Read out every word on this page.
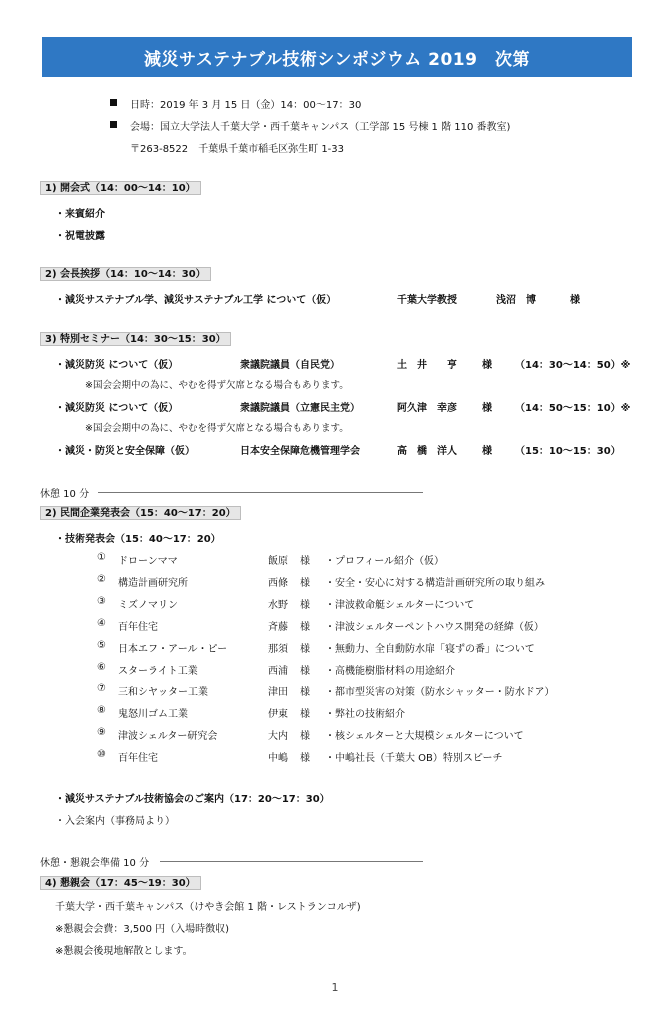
減災サステナブル技術シンポジウム 2019　次第
日時：2019 年 3 月 15 日（金）14：00～17：30
会場：国立大学法人千葉大学・西千葉キャンパス（工学部 15 号棟 1 階 110 番教室)
〒263-8522　千葉県千葉市稲毛区弥生町 1-33
1) 開会式（14：00～14：10）
・来賓紹介
・祝電披露
2) 会長挨拶（14：10～14：30）
・減災サステナブル学、減災サステナブル工学 について（仮）	千葉大学教授	浅沼　博	様
3) 特別セミナー（14：30～15：30）
・減災防災 について（仮）	衆議院議員（自民党）	土　井　　亨	様 （14：30～14：50）※
※国会会期中の為に、やむを得ず欠席となる場合もあります。
・減災防災 について（仮）	衆議院議員（立憲民主党）	阿久津　幸彦	様 （14：50～15：10）※
※国会会期中の為に、やむを得ず欠席となる場合もあります。
・減災・防災と安全保障（仮）	日本安全保障危機管理学会	高　橋　洋人	様 （15：10～15：30）
休憩 10 分
2) 民間企業発表会（15：40～17：20）
・技術発表会（15：40～17：20）
① ドローンママ	飯原 様 ・プロフィール紹介（仮）
② 構造計画研究所	西條 様 ・安全・安心に対する構造計画研究所の取り組み
③ ミズノマリン	水野 様 ・津波救命艇シェルターについて
④ 百年住宅	斉藤 様 ・津波シェルターペントハウス開発の経緯（仮）
⑤ 日本エフ・アール・ピー	那須 様 ・無動力、全自動防水扉「寝ずの番」について
⑥ スターライト工業	西浦 様 ・高機能樹脂材料の用途紹介
⑦ 三和シヤッター工業	津田 様 ・都市型災害の対策（防水シャッター・防水ドア）
⑧ 鬼怒川ゴム工業	伊東 様 ・弊社の技術紹介
⑨ 津波シェルター研究会	大内 様 ・核シェルターと大規模シェルターについて
⑩ 百年住宅	中嶋 様 ・中嶋社長（千葉大 OB）特別スピーチ
・減災サステナブル技術協会のご案内（17：20～17：30）
・入会案内（事務局より）
休憩・懇親会準備 10 分
4) 懇親会（17：45～19：30）
千葉大学・西千葉キャンパス（けやき会館 1 階・レストランコルザ)
※懇親会会費：3,500 円（入場時徴収)
※懇親会後現地解散とします。
1
